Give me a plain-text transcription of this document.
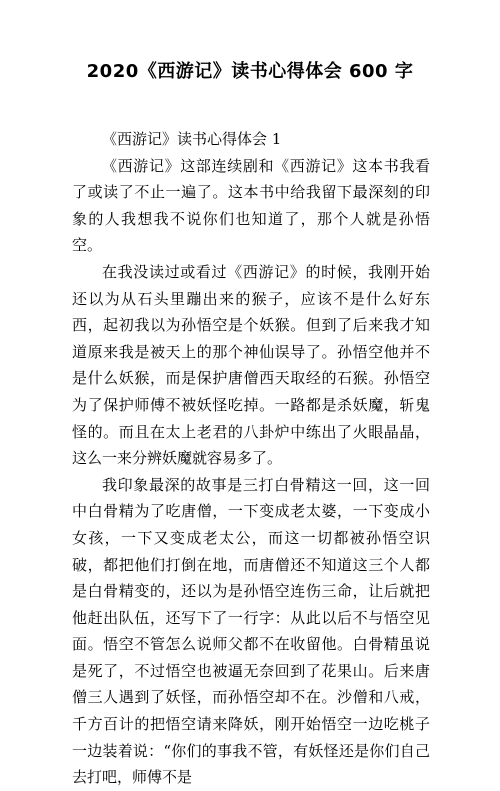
2020《西游记》读书心得体会 600 字

《西游记》读书心得体会 1

《西游记》这部连续剧和《西游记》这本书我看了或读了不止一遍了。这本书中给我留下最深刻的印象的人我想我不说你们也知道了，那个人就是孙悟空。

在我没读过或看过《西游记》的时候，我刚开始还以为从石头里蹦出来的猴子，应该不是什么好东西，起初我以为孙悟空是个妖猴。但到了后来我才知道原来我是被天上的那个神仙误导了。孙悟空他并不是什么妖猴，而是保护唐僧西天取经的石猴。孙悟空为了保护师傅不被妖怪吃掉。一路都是杀妖魔，斩鬼怪的。而且在太上老君的八卦炉中练出了火眼晶晶，这么一来分辨妖魔就容易多了。

我印象最深的故事是三打白骨精这一回，这一回中白骨精为了吃唐僧，一下变成老太婆，一下变成小女孩，一下又变成老太公，而这一切都被孙悟空识破，都把他们打倒在地，而唐僧还不知道这三个人都是白骨精变的，还以为是孙悟空连伤三命，让后就把他赶出队伍，还写下了一行字：从此以后不与悟空见面。悟空不管怎么说师父都不在收留他。白骨精虽说是死了，不过悟空也被逼无奈回到了花果山。后来唐僧三人遇到了妖怪，而孙悟空却不在。沙僧和八戒，千方百计的把悟空请来降妖，刚开始悟空一边吃桃子一边装着说：“你们的事我不管，有妖怪还是你们自己去打吧，师傅不是
